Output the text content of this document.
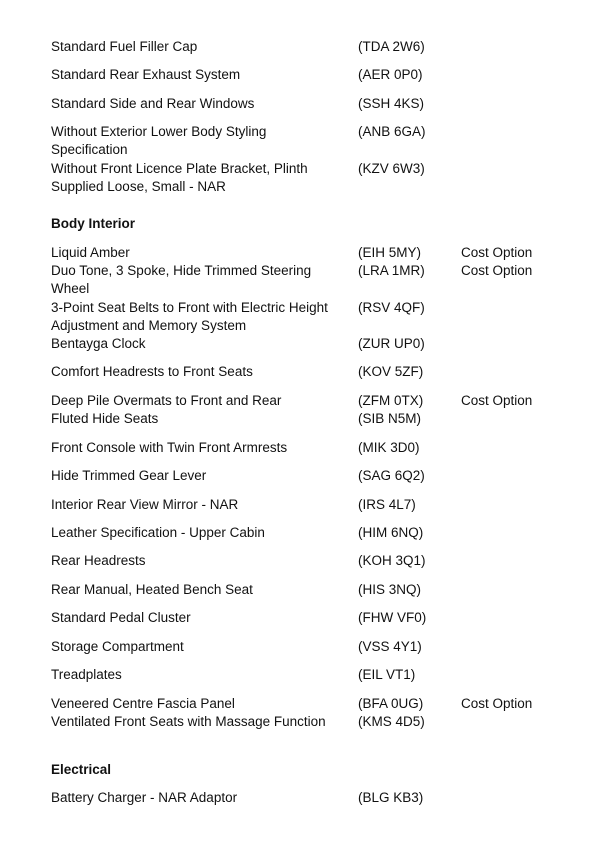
Standard Fuel Filler Cap	(TDA 2W6)
Standard Rear Exhaust System	(AER 0P0)
Standard Side and Rear Windows	(SSH 4KS)
Without Exterior Lower Body Styling	(ANB 6GA)
Specification
Without Front Licence Plate Bracket, Plinth	(KZV 6W3)
Supplied Loose, Small - NAR
Body Interior
Liquid Amber	(EIH 5MY)	Cost Option
Duo Tone, 3 Spoke, Hide Trimmed Steering	(LRA 1MR)	Cost Option
Wheel
3-Point Seat Belts to Front with Electric Height (RSV 4QF)
Adjustment and Memory System
Bentayga Clock	(ZUR UP0)
Comfort Headrests to Front Seats	(KOV 5ZF)
Deep Pile Overmats to Front and Rear	(ZFM 0TX)	Cost Option
Fluted Hide Seats	(SIB N5M)
Front Console with Twin Front Armrests	(MIK 3D0)
Hide Trimmed Gear Lever	(SAG 6Q2)
Interior Rear View Mirror - NAR	(IRS 4L7)
Leather Specification - Upper Cabin	(HIM 6NQ)
Rear Headrests	(KOH 3Q1)
Rear Manual, Heated Bench Seat	(HIS 3NQ)
Standard Pedal Cluster	(FHW VF0)
Storage Compartment	(VSS 4Y1)
Treadplates	(EIL VT1)
Veneered Centre Fascia Panel	(BFA 0UG)	Cost Option
Ventilated Front Seats with Massage Function (KMS 4D5)
Electrical
Battery Charger - NAR Adaptor	(BLG KB3)
